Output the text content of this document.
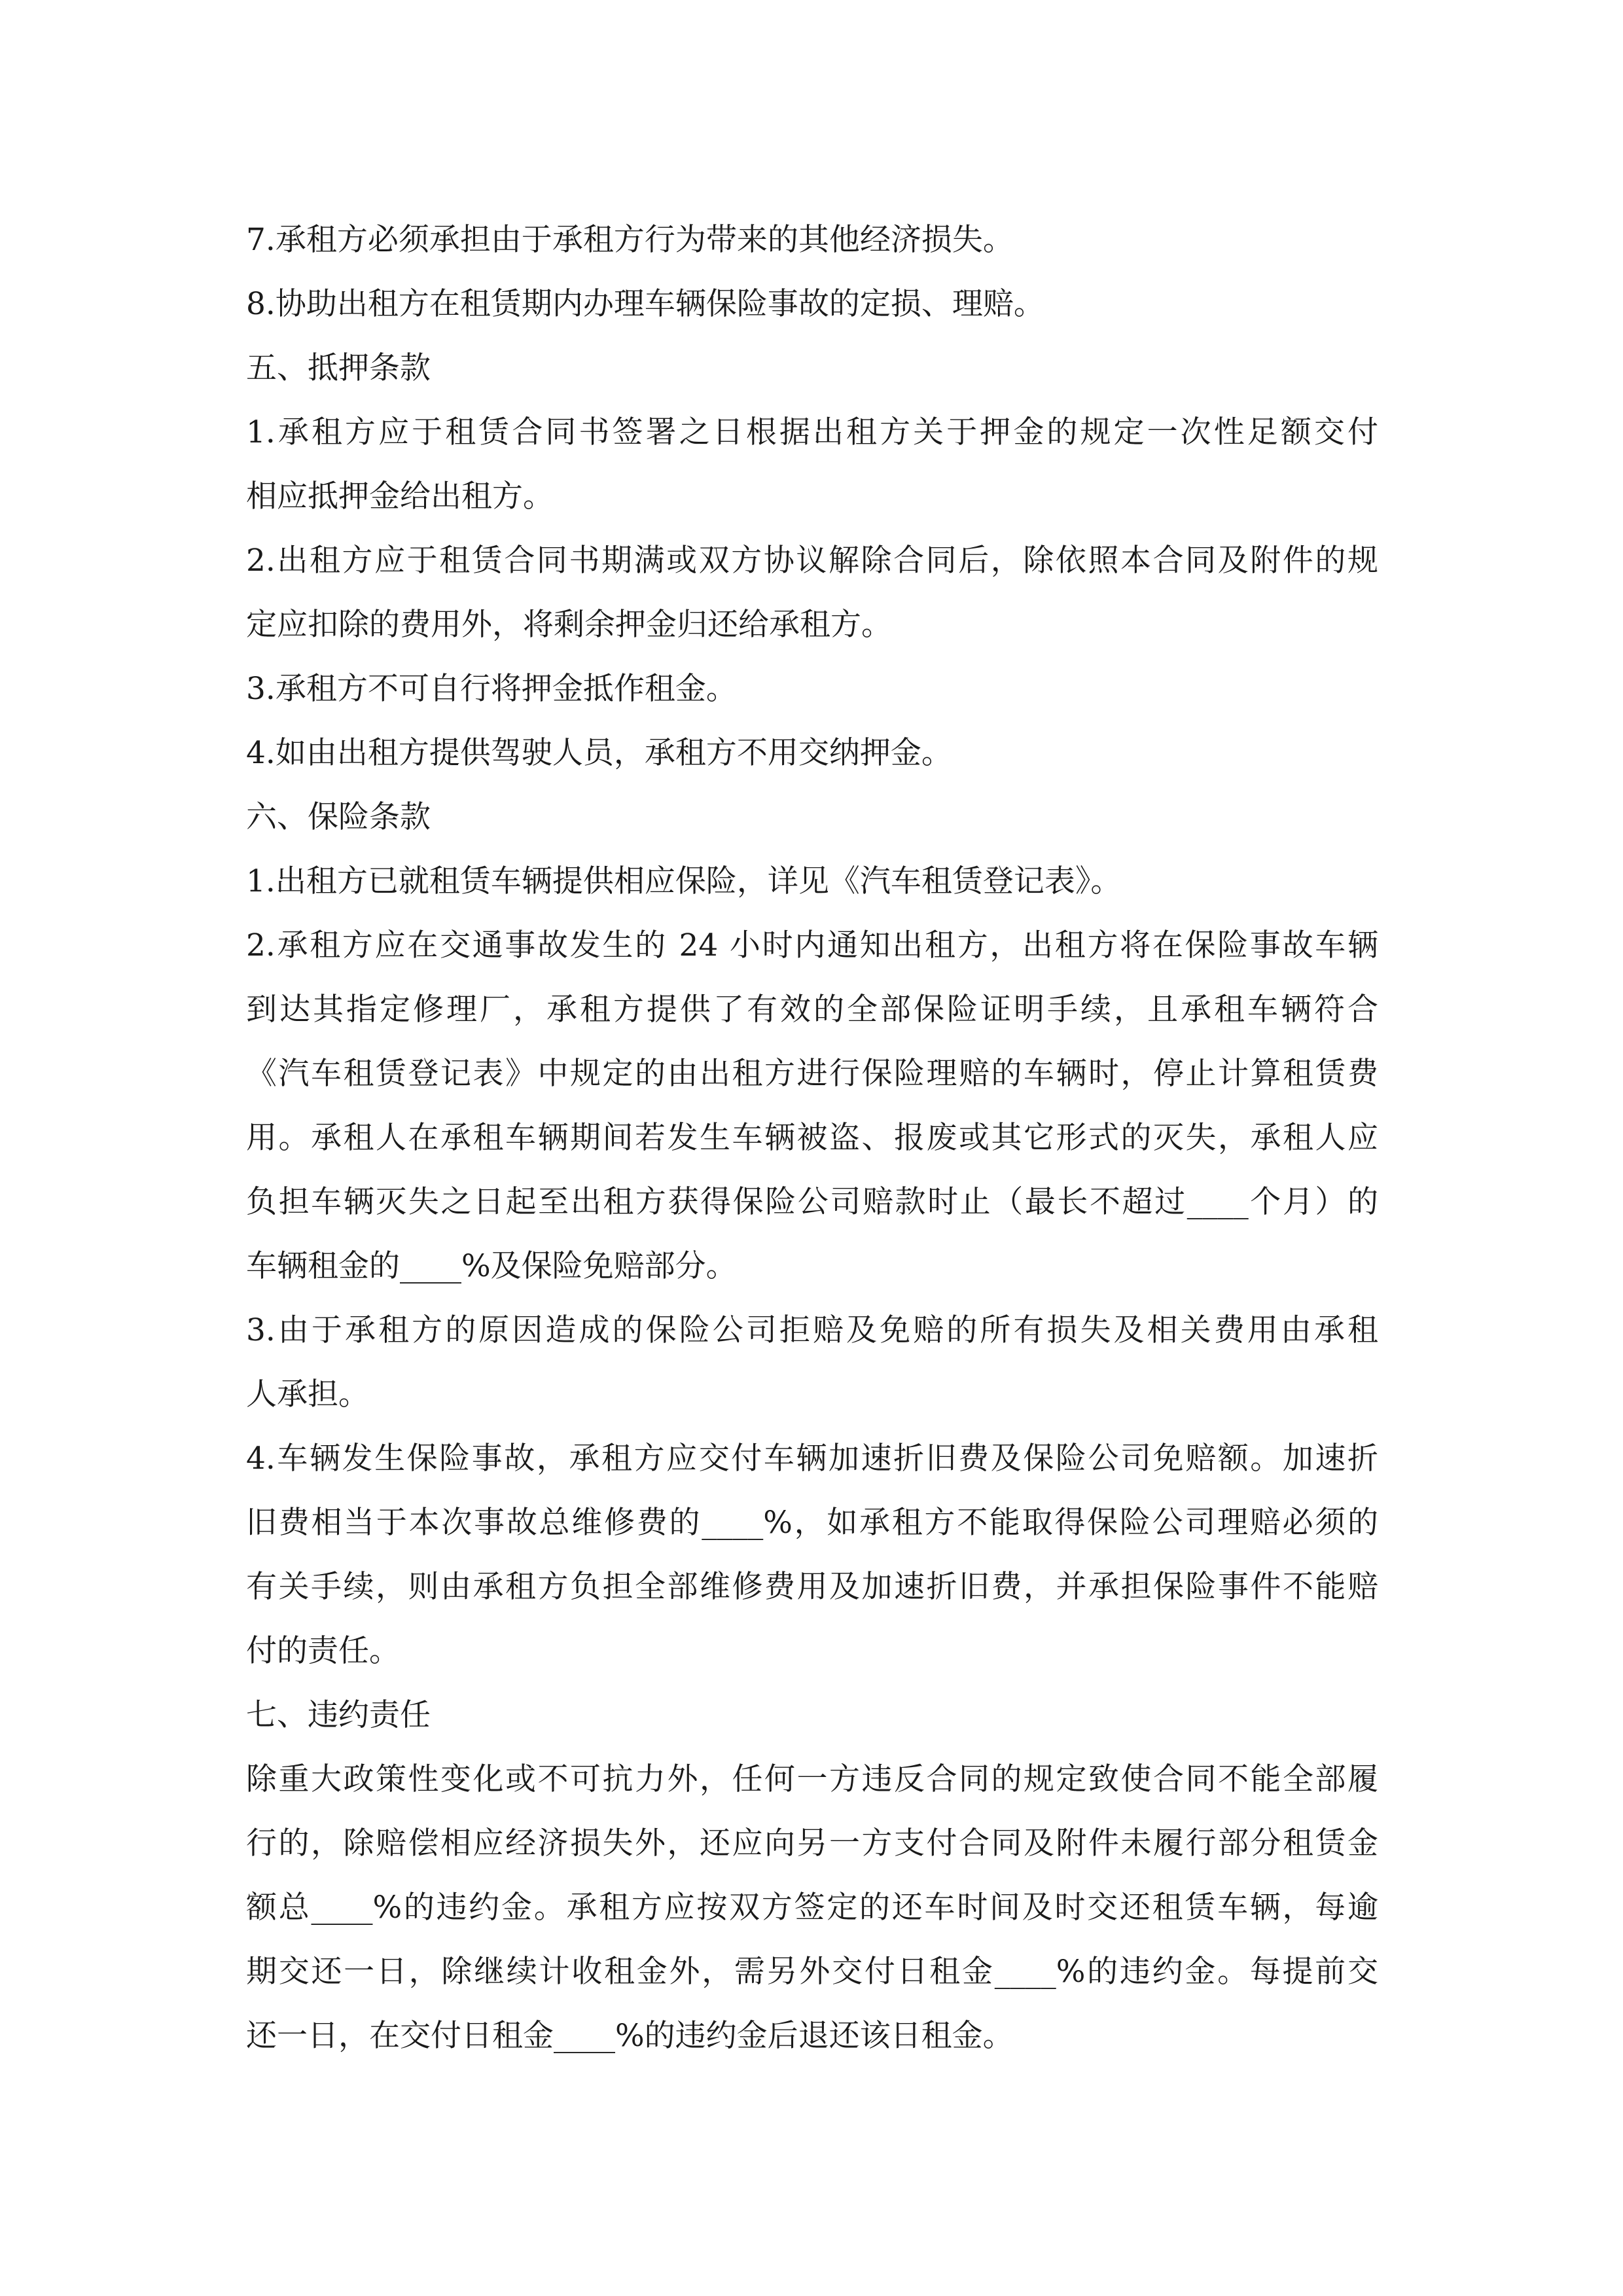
7.承租方必须承担由于承租方行为带来的其他经济损失。
8.协助出租方在租赁期内办理车辆保险事故的定损、理赔。
五、抵押条款
1.承租方应于租赁合同书签署之日根据出租方关于押金的规定一次性足额交付
相应抵押金给出租方。
2.出租方应于租赁合同书期满或双方协议解除合同后，除依照本合同及附件的规
定应扣除的费用外，将剩余押金归还给承租方。
3.承租方不可自行将押金抵作租金。
4.如由出租方提供驾驶人员，承租方不用交纳押金。
六、保险条款
1.出租方已就租赁车辆提供相应保险，详见《汽车租赁登记表》。
2.承租方应在交通事故发生的 24 小时内通知出租方，出租方将在保险事故车辆
到达其指定修理厂，承租方提供了有效的全部保险证明手续，且承租车辆符合
《汽车租赁登记表》中规定的由出租方进行保险理赔的车辆时，停止计算租赁费
用。承租人在承租车辆期间若发生车辆被盗、报废或其它形式的灭失，承租人应
负担车辆灭失之日起至出租方获得保险公司赔款时止（最长不超过____个月）的
车辆租金的____%及保险免赔部分。
3.由于承租方的原因造成的保险公司拒赔及免赔的所有损失及相关费用由承租
人承担。
4.车辆发生保险事故，承租方应交付车辆加速折旧费及保险公司免赔额。加速折
旧费相当于本次事故总维修费的____%，如承租方不能取得保险公司理赔必须的
有关手续，则由承租方负担全部维修费用及加速折旧费，并承担保险事件不能赔
付的责任。
七、违约责任
除重大政策性变化或不可抗力外，任何一方违反合同的规定致使合同不能全部履
行的，除赔偿相应经济损失外，还应向另一方支付合同及附件未履行部分租赁金
额总____%的违约金。承租方应按双方签定的还车时间及时交还租赁车辆，每逾
期交还一日，除继续计收租金外，需另外交付日租金____%的违约金。每提前交
还一日，在交付日租金____%的违约金后退还该日租金。
